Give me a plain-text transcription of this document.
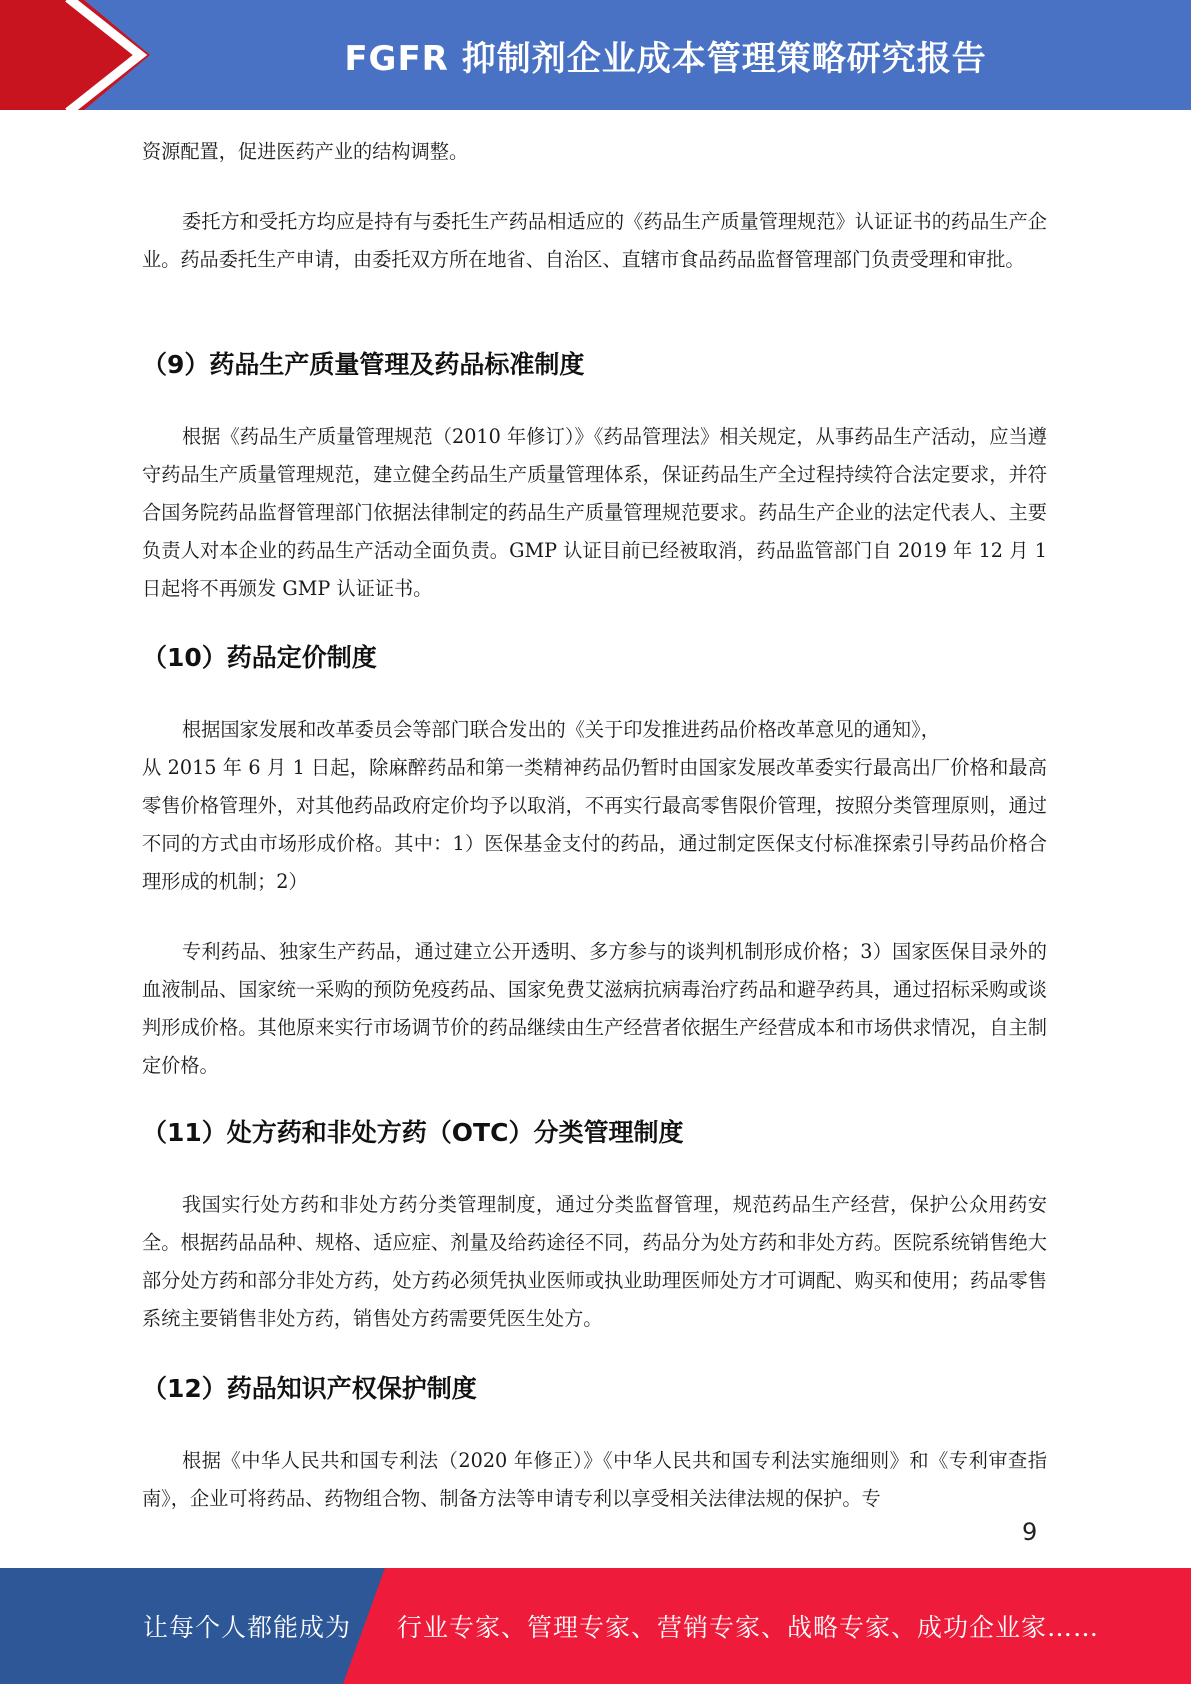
FGFR 抑制剂企业成本管理策略研究报告

资源配置，促进医药产业的结构调整。

委托方和受托方均应是持有与委托生产药品相适应的《药品生产质量管理规范》认证证书的药品生产企业。药品委托生产申请，由委托双方所在地省、自治区、直辖市食品药品监督管理部门负责受理和审批。

（9）药品生产质量管理及药品标准制度

根据《药品生产质量管理规范（2010 年修订）》《药品管理法》相关规定，从事药品生产活动，应当遵守药品生产质量管理规范，建立健全药品生产质量管理体系，保证药品生产全过程持续符合法定要求，并符合国务院药品监督管理部门依据法律制定的药品生产质量管理规范要求。药品生产企业的法定代表人、主要负责人对本企业的药品生产活动全面负责。GMP 认证目前已经被取消，药品监管部门自 2019 年 12 月 1 日起将不再颁发 GMP 认证证书。

（10）药品定价制度

根据国家发展和改革委员会等部门联合发出的《关于印发推进药品价格改革意见的通知》，

从 2015 年 6 月 1 日起，除麻醉药品和第一类精神药品仍暂时由国家发展改革委实行最高出厂价格和最高零售价格管理外，对其他药品政府定价均予以取消，不再实行最高零售限价管理，按照分类管理原则，通过不同的方式由市场形成价格。其中：1）医保基金支付的药品，通过制定医保支付标准探索引导药品价格合理形成的机制；2）

专利药品、独家生产药品，通过建立公开透明、多方参与的谈判机制形成价格；3）国家医保目录外的血液制品、国家统一采购的预防免疫药品、国家免费艾滋病抗病毒治疗药品和避孕药具，通过招标采购或谈判形成价格。其他原来实行市场调节价的药品继续由生产经营者依据生产经营成本和市场供求情况，自主制定价格。

（11）处方药和非处方药（OTC）分类管理制度

我国实行处方药和非处方药分类管理制度，通过分类监督管理，规范药品生产经营，保护公众用药安全。根据药品品种、规格、适应症、剂量及给药途径不同，药品分为处方药和非处方药。医院系统销售绝大部分处方药和部分非处方药，处方药必须凭执业医师或执业助理医师处方才可调配、购买和使用；药品零售系统主要销售非处方药，销售处方药需要凭医生处方。

（12）药品知识产权保护制度

根据《中华人民共和国专利法（2020 年修正）》《中华人民共和国专利法实施细则》和《专利审查指南》，企业可将药品、药物组合物、制备方法等申请专利以享受相关法律法规的保护。专

9
让每个人都能成为 行业专家、管理专家、营销专家、战略专家、成功企业家……
